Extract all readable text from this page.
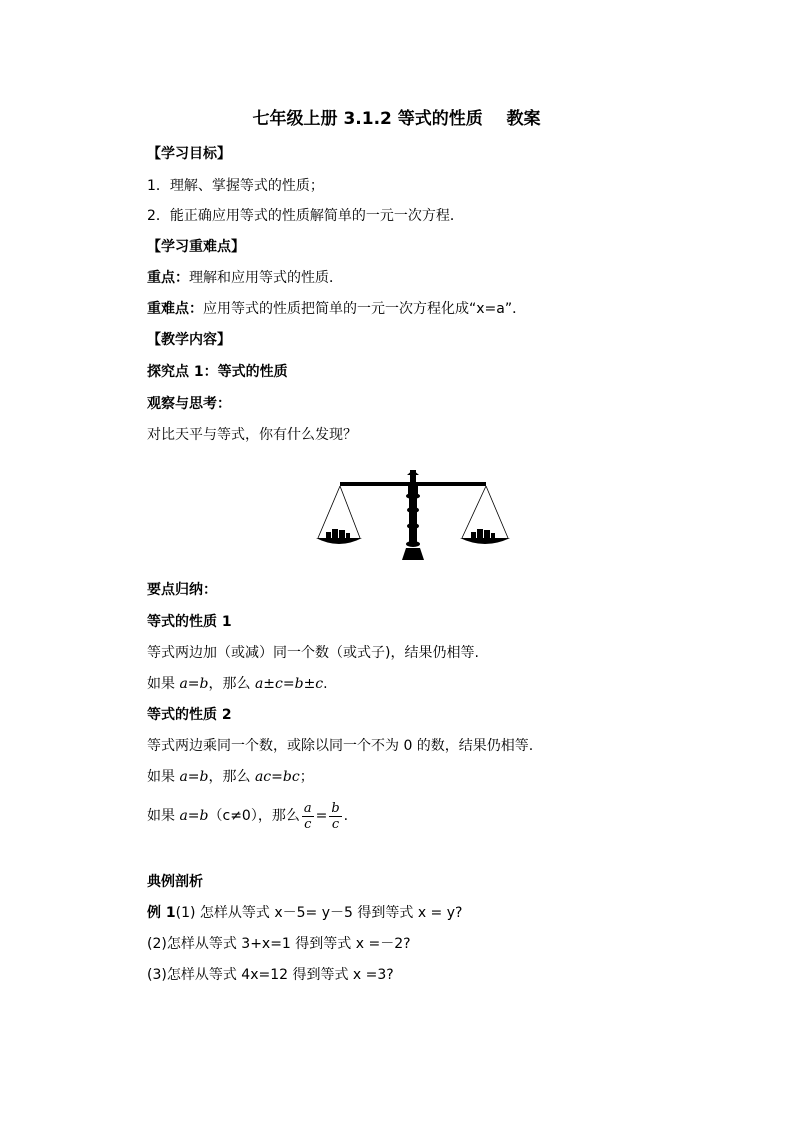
七年级上册 3.1.2 等式的性质    教案
【学习目标】
1．理解、掌握等式的性质；
2．能正确应用等式的性质解简单的一元一次方程．
【学习重难点】
重点：理解和应用等式的性质．
重难点：应用等式的性质把简单的一元一次方程化成“x=a”．
【教学内容】
探究点 1：等式的性质
观察与思考：
对比天平与等式，你有什么发现？
要点归纳：
等式的性质 1
等式两边加（或减）同一个数（或式子)，结果仍相等.
如果 a=b，那么 a±c=b±c.
等式的性质 2
等式两边乘同一个数，或除以同一个不为 0 的数，结果仍相等.
如果 a=b，那么 ac=bc；
如果 a=b（c≠0），那么 $\frac{a}{c} = \frac{b}{c}$ .
典例剖析
例 1(1) 怎样从等式 x－5= y－5 得到等式 x = y?
(2)怎样从等式 3+x=1 得到等式 x =－2?
(3)怎样从等式 4x=12 得到等式 x =3?
